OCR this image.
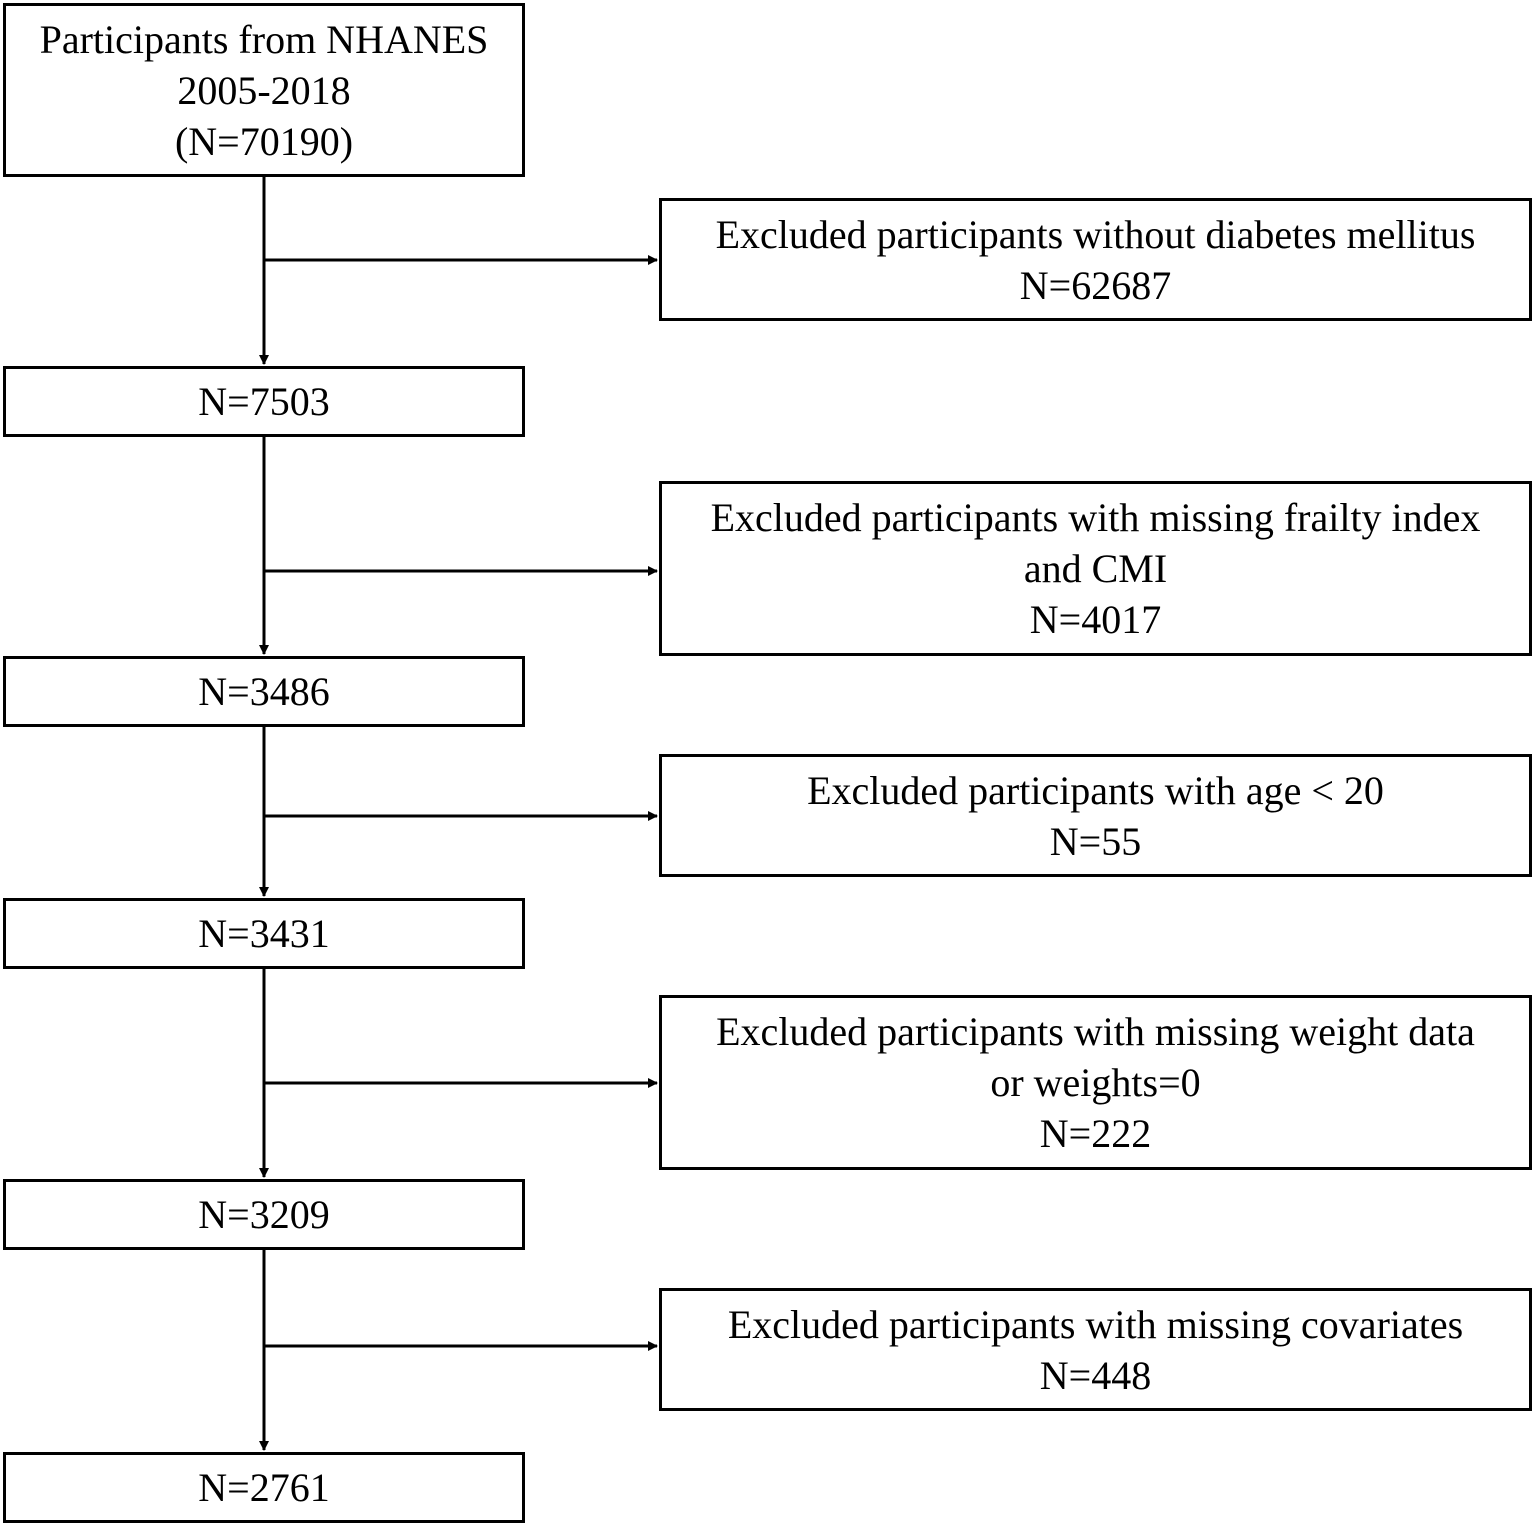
Participants from NHANES
2005-2018
(N=70190)
N=7503
N=3486
N=3431
N=3209
N=2761
Excluded participants without diabetes mellitus
N=62687
Excluded participants with missing frailty index
and CMI
N=4017
Excluded participants with age < 20
N=55
Excluded participants with missing weight data
or weights=0
N=222
Excluded participants with missing covariates
N=448
